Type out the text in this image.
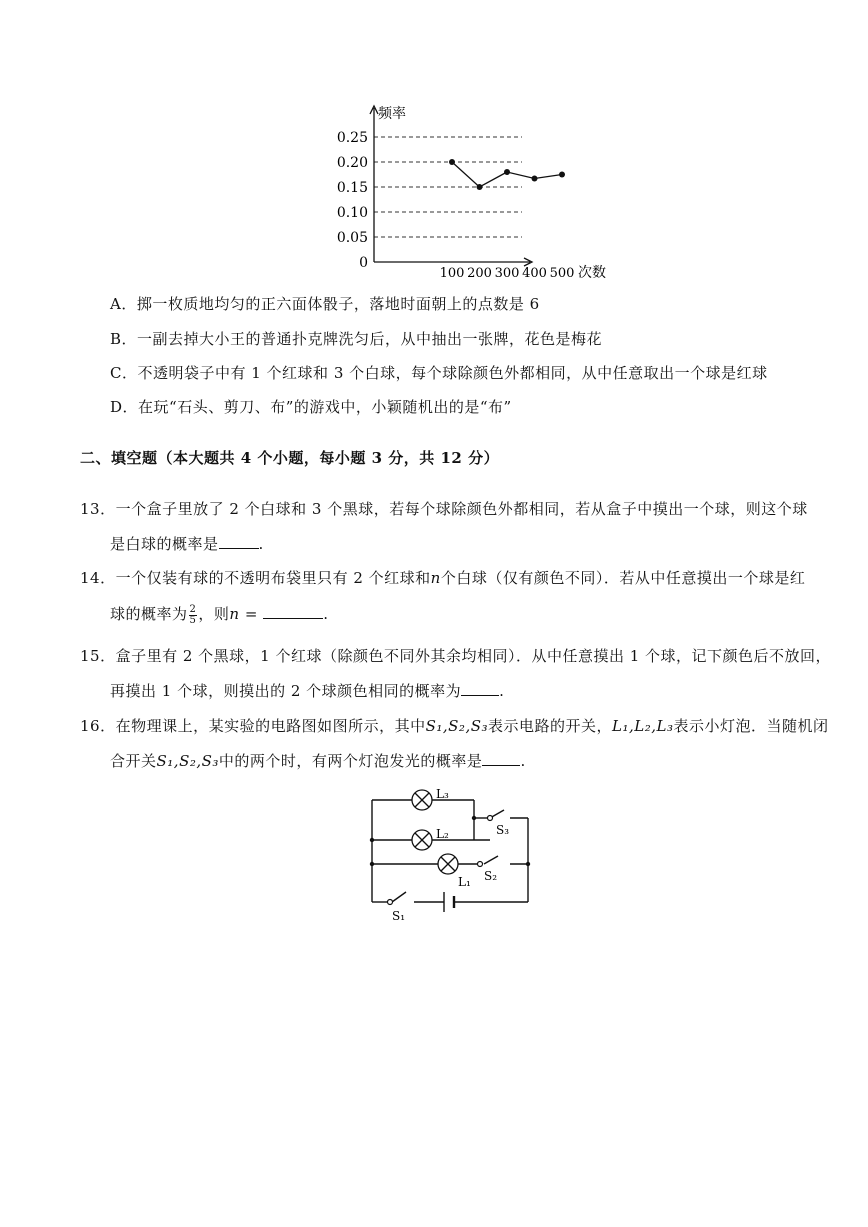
0.25
0.20
0.15
0.10
0.05
0
100 200 300 400 500
频率
次数
A．掷一枚质地均匀的正六面体骰子，落地时面朝上的点数是 6
B．一副去掉大小王的普通扑克牌洗匀后，从中抽出一张牌，花色是梅花
C．不透明袋子中有 1 个红球和 3 个白球，每个球除颜色外都相同，从中任意取出一个球是红球
D．在玩“石头、剪刀、布”的游戏中，小颖随机出的是“布”
二、填空题（本大题共 4 个小题，每小题 3 分，共 12 分）
13．一个盒子里放了 2 个白球和 3 个黑球，若每个球除颜色外都相同，若从盒子中摸出一个球，则这个球
是白球的概率是	.
14．一个仅装有球的不透明布袋里只有 2 个红球和n个白球（仅有颜色不同）．若从中任意摸出一个球是红
球的概率为 $\frac{2}{5}$ ，则n =	.
15．盒子里有 2 个黑球，1 个红球（除颜色不同外其余均相同）．从中任意摸出 1 个球，记下颜色后不放回，
再摸出 1 个球，则摸出的 2 个球颜色相同的概率为	.
16．在物理课上，某实验的电路图如图所示，其中S₁,S₂,S₃表示电路的开关，L₁,L₂,L₃表示小灯泡．当随机闭
合开关S₁,S₂,S₃中的两个时，有两个灯泡发光的概率是	.
L₃
L₂
L₁
S₃
S₂
S₁
